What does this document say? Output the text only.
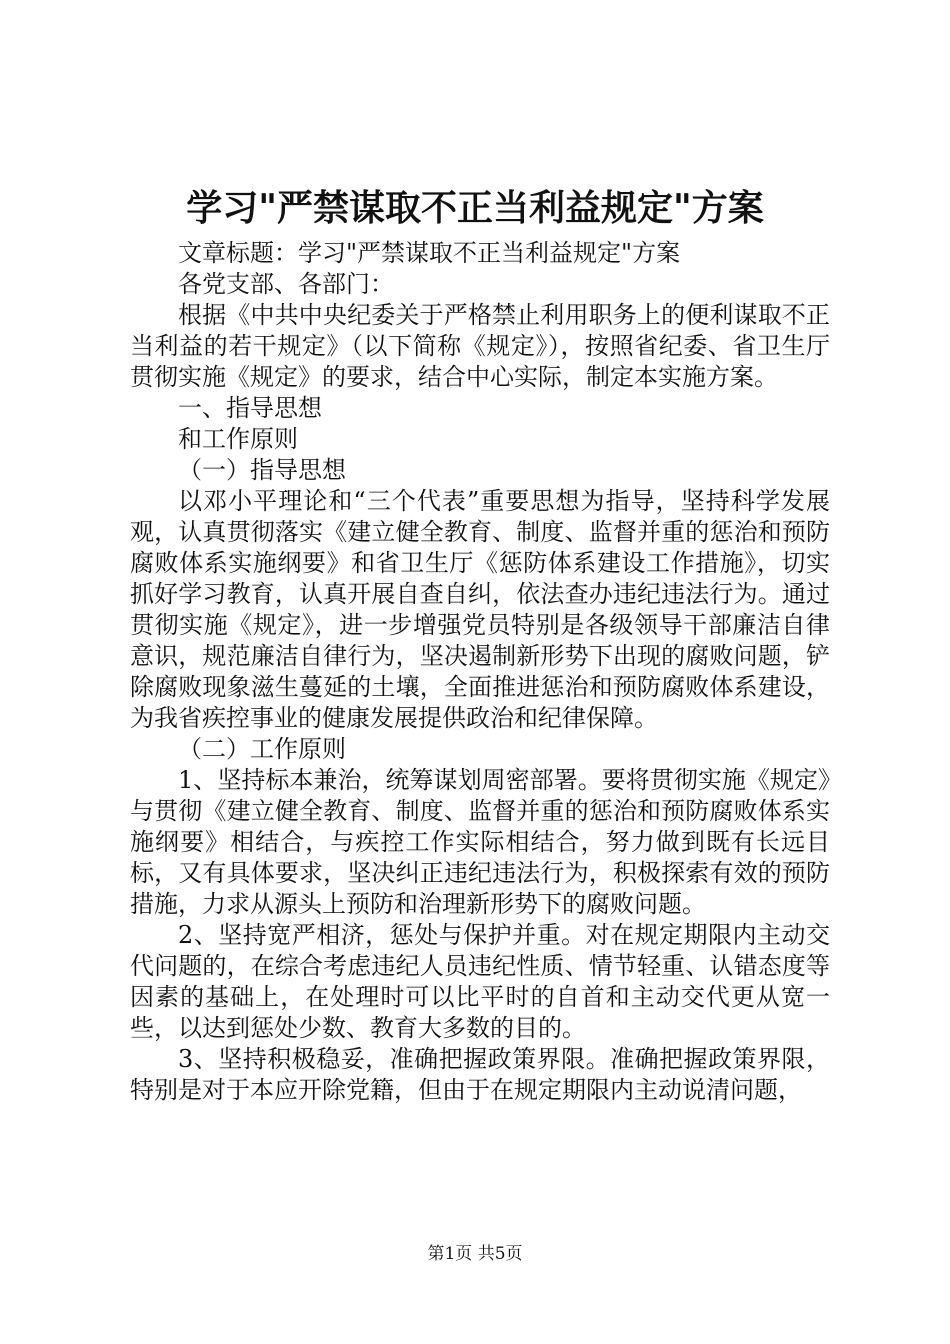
学习"严禁谋取不正当利益规定"方案

文章标题：学习"严禁谋取不正当利益规定"方案

各党支部、各部门：

根据《中共中央纪委关于严格禁止利用职务上的便利谋取不正当利益的若干规定》（以下简称《规定》），按照省纪委、省卫生厅贯彻实施《规定》的要求，结合中心实际，制定本实施方案。

一、指导思想

和工作原则

（一）指导思想

以邓小平理论和“三个代表”重要思想为指导，坚持科学发展观，认真贯彻落实《建立健全教育、制度、监督并重的惩治和预防腐败体系实施纲要》和省卫生厅《惩防体系建设工作措施》，切实抓好学习教育，认真开展自查自纠，依法查办违纪违法行为。通过贯彻实施《规定》，进一步增强党员特别是各级领导干部廉洁自律意识，规范廉洁自律行为，坚决遏制新形势下出现的腐败问题，铲除腐败现象滋生蔓延的土壤，全面推进惩治和预防腐败体系建设，为我省疾控事业的健康发展提供政治和纪律保障。

（二）工作原则

1、坚持标本兼治，统筹谋划周密部署。要将贯彻实施《规定》与贯彻《建立健全教育、制度、监督并重的惩治和预防腐败体系实施纲要》相结合，与疾控工作实际相结合，努力做到既有长远目标，又有具体要求，坚决纠正违纪违法行为，积极探索有效的预防措施，力求从源头上预防和治理新形势下的腐败问题。

2、坚持宽严相济，惩处与保护并重。对在规定期限内主动交代问题的，在综合考虑违纪人员违纪性质、情节轻重、认错态度等因素的基础上，在处理时可以比平时的自首和主动交代更从宽一些，以达到惩处少数、教育大多数的目的。

3、坚持积极稳妥，准确把握政策界限。准确把握政策界限，特别是对于本应开除党籍，但由于在规定期限内主动说清问题，

第1页 共5页
